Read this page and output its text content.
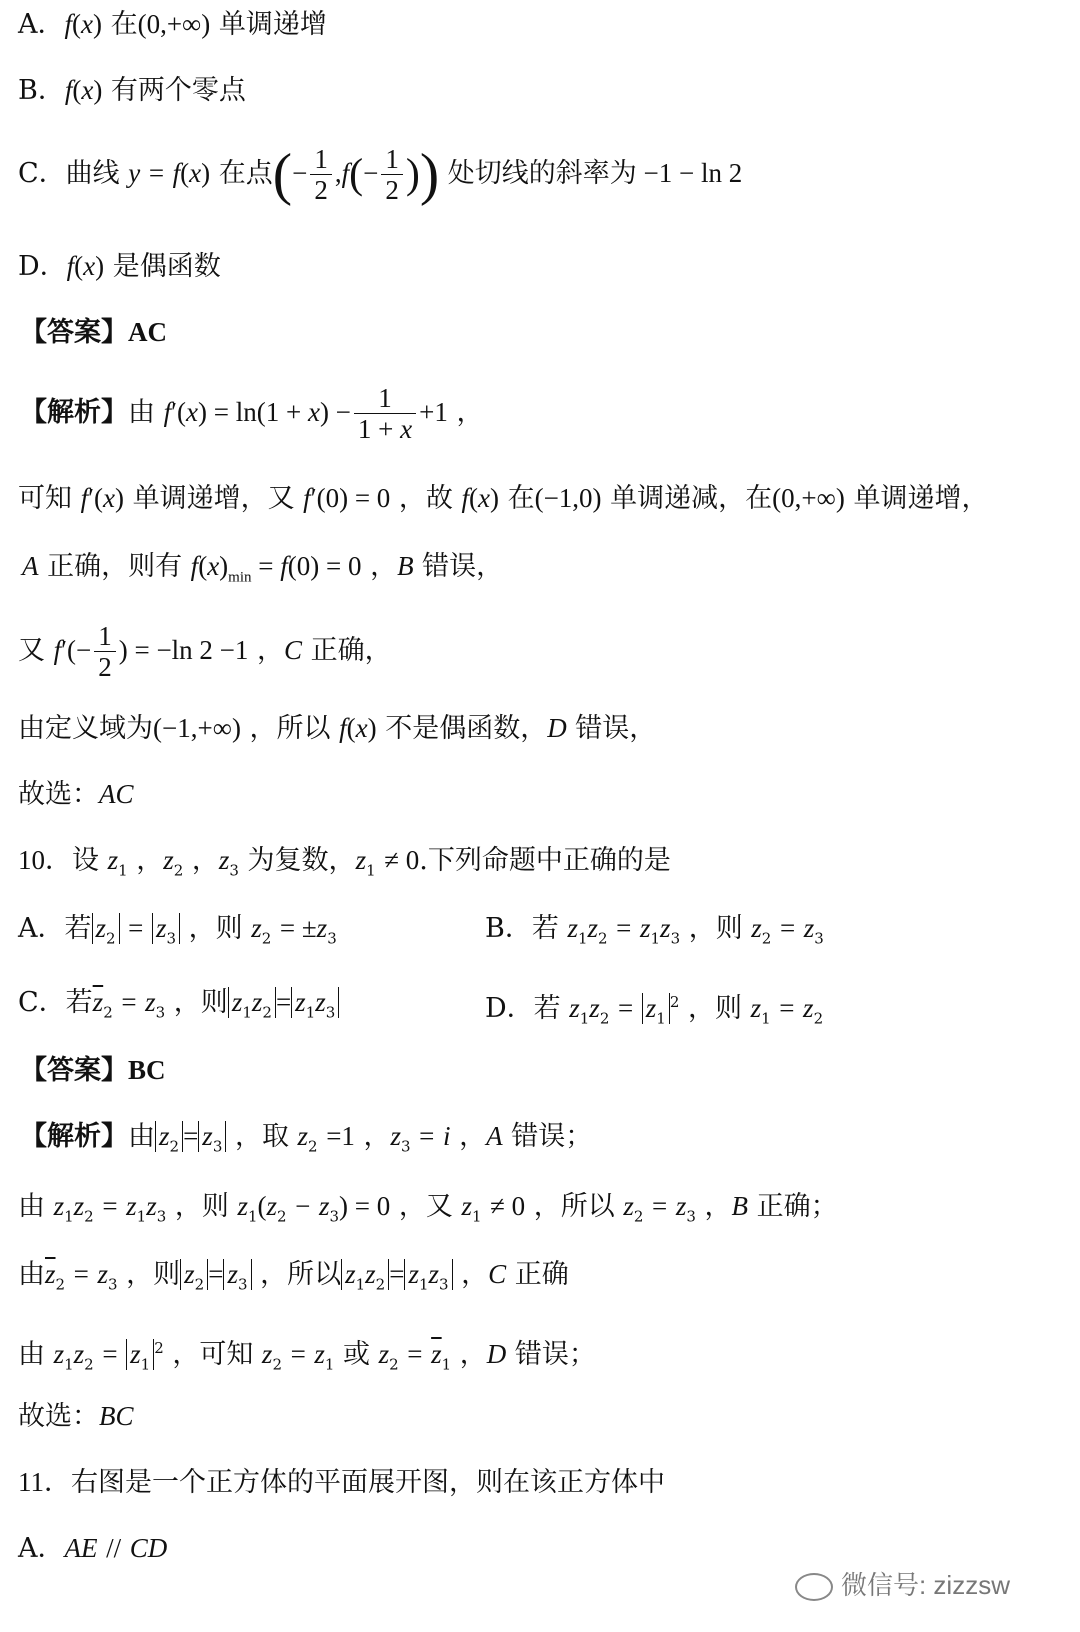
A．f(x) 在(0,+∞) 单调递增
B．f(x) 有两个零点
C．曲线 y = f(x) 在点(− $\frac{1}{2} ,f(- \frac{1}{2}$ )) 处切线的斜率为 −1 − ln 2
D．f(x) 是偶函数
【答案】AC
【解析】由 $f'(x) = \ln(1 + x) - \frac{1}{1 + x} +1$ ，
可知 f′(x) 单调递增，又 f′(0) = 0 ，故 f(x) 在(−1,0) 单调递减，在(0,+∞) 单调递增，
A 正确，则有 $f(x)_{min} = f(0) = 0$ ，B 错误，
又 $f'(- \frac{1}{2}$ ) = −ln 2 −1 ，C 正确，
由定义域为(−1,+∞) ，所以 f(x) 不是偶函数，D 错误，
故选：AC
10．设 $z_1$ ，$z_2$ ，$z_3$ 为复数，$z_1 \ne 0$.下列命题中正确的是
A．若 $z_2 = z_3$ ，则 $z_2 = \pm z_3$	B．若 $z_1z_2 = z_1z_3$ ，则 $z_2 = z_3$
C．若$\overline{z}_2 = z_3$ ，则 $z_1z_2 = z_1z_3$	D．若 $z_1z_2 = z_1^2$ ，则 $z_1 = z_2$
【答案】BC
【解析】由 $z_2 = z_3$ ，取 $z_2 =1$ ，$z_3 = i$ ，A 错误；
由 $z_1z_2 = z_1z_3$ ，则 $z_1(z_2 - z_3) = 0$ ，又 $z_1 \ne 0$ ，所以 $z_2 = z_3$ ，B 正确；
由$\overline{z}_2 = z_3$ ，则 $z_2 = z_3$ ，所以 $z_1z_2 = z_1z_3$ ，C 正确
由 $z_1z_2 = z_1^2$ ，可知 $z_2 = z_1$ 或 $z_2 = \overline{z}_1$ ，D 错误；
故选：BC
11．右图是一个正方体的平面展开图，则在该正方体中
A．AE // CD
微信号: zizzsw
